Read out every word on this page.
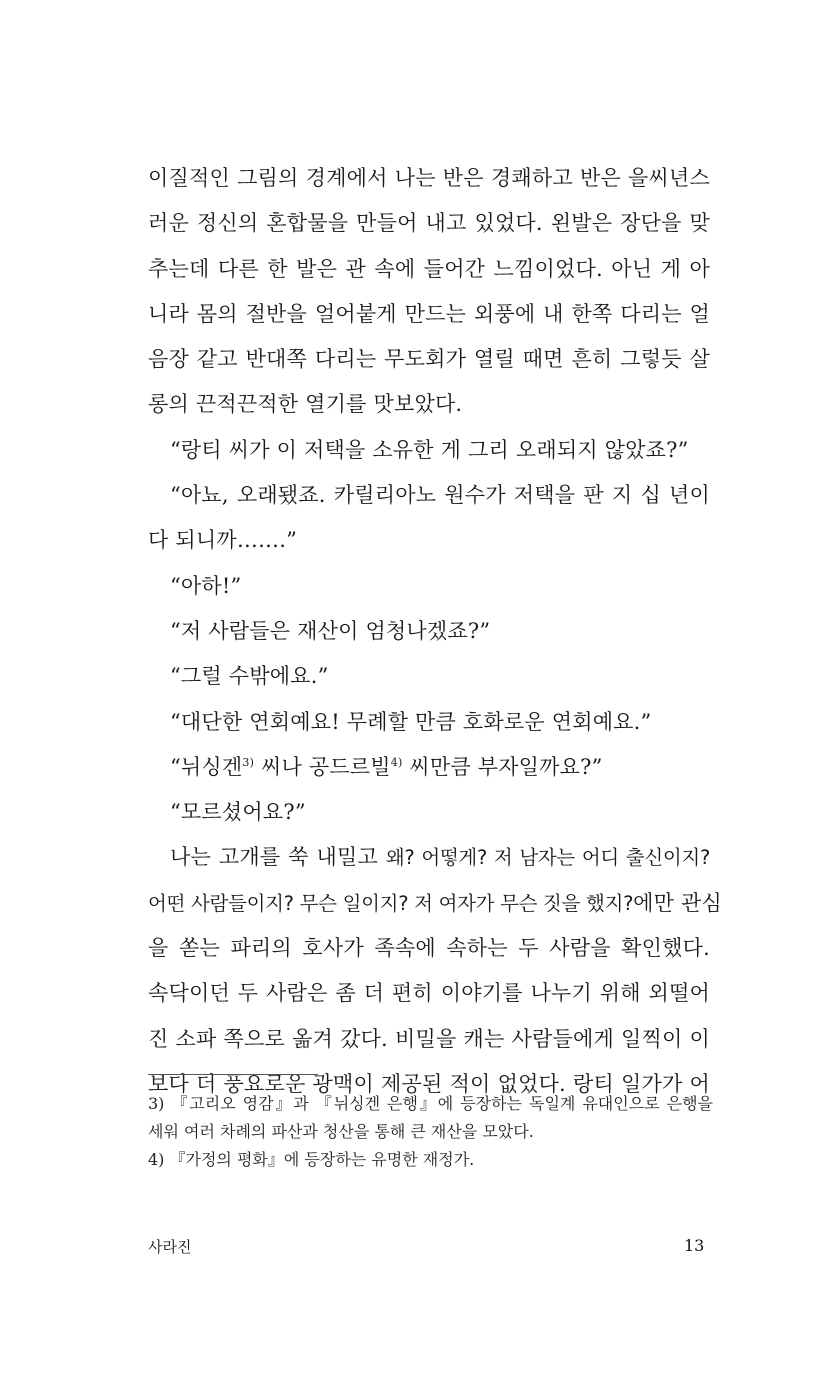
이질적인 그림의 경계에서 나는 반은 경쾌하고 반은 을씨년스
러운 정신의 혼합물을 만들어 내고 있었다. 왼발은 장단을 맞
추는데 다른 한 발은 관 속에 들어간 느낌이었다. 아닌 게 아
니라 몸의 절반을 얼어붙게 만드는 외풍에 내 한쪽 다리는 얼
음장 같고 반대쪽 다리는 무도회가 열릴 때면 흔히 그렇듯 살
롱의 끈적끈적한 열기를 맛보았다.
“랑티 씨가 이 저택을 소유한 게 그리 오래되지 않았죠?”
“아뇨, 오래됐죠. 카릴리아노 원수가 저택을 판 지 십 년이
다 되니까…….”
“아하!”
“저 사람들은 재산이 엄청나겠죠?”
“그럴 수밖에요.”
“대단한 연회예요! 무례할 만큼 호화로운 연회예요.”
“뉘싱겐$^{3)}$ 씨나 공드르빌$^{4)}$ 씨만큼 부자일까요?”
“모르셨어요?”
나는 고개를 쑥 내밀고 왜? 어떻게? 저 남자는 어디 출신이지?
어떤 사람들이지? 무슨 일이지? 저 여자가 무슨 짓을 했지?에만 관심
을 쏟는 파리의 호사가 족속에 속하는 두 사람을 확인했다.
속닥이던 두 사람은 좀 더 편히 이야기를 나누기 위해 외떨어
진 소파 쪽으로 옮겨 갔다. 비밀을 캐는 사람들에게 일찍이 이
보다 더 풍요로운 광맥이 제공된 적이 없었다. 랑티 일가가 어
3) 『고리오 영감』과 『뉘싱겐 은행』에 등장하는 독일계 유대인으로 은행을
세워 여러 차례의 파산과 청산을 통해 큰 재산을 모았다.
4) 『가정의 평화』에 등장하는 유명한 재정가.
사라진	13
